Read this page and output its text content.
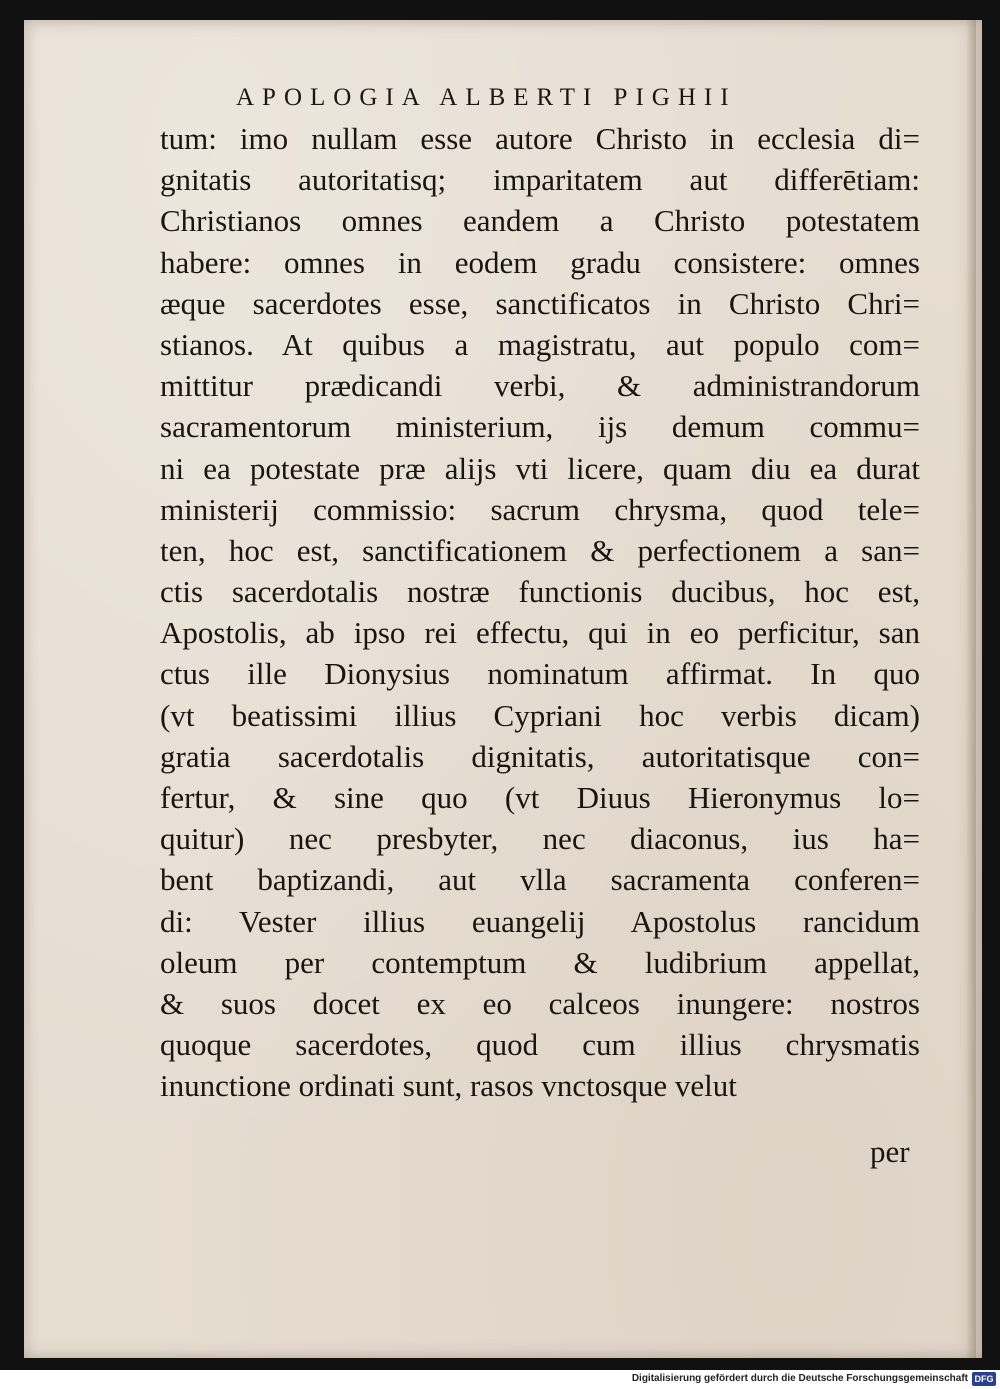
APOLOGIA ALBERTI PIGHII
tum: imo nullam esse autore Christo in ecclesia di=
gnitatis autoritatisq; imparitatem aut differētiam:
Christianos omnes eandem a Christo potestatem
habere: omnes in eodem gradu consistere: omnes
æque sacerdotes esse, sanctificatos in Christo Chri=
stianos. At quibus a magistratu, aut populo com=
mittitur prædicandi verbi, & administrandorum
sacramentorum ministerium, ijs demum commu=
ni ea potestate præ alijs vti licere, quam diu ea durat
ministerij commissio: sacrum chrysma, quod tele=
ten, hoc est, sanctificationem & perfectionem a san=
ctis sacerdotalis nostræ functionis ducibus, hoc est,
Apostolis, ab ipso rei effectu, qui in eo perficitur, san
ctus ille Dionysius nominatum affirmat. In quo
(vt beatissimi illius Cypriani hoc verbis dicam)
gratia sacerdotalis dignitatis, autoritatisque con=
fertur, & sine quo (vt Diuus Hieronymus lo=
quitur) nec presbyter, nec diaconus, ius ha=
bent baptizandi, aut vlla sacramenta conferen=
di: Vester illius euangelij Apostolus rancidum
oleum per contemptum & ludibrium appellat,
& suos docet ex eo calceos inungere: nostros
quoque sacerdotes, quod cum illius chrysmatis
inunctione ordinati sunt, rasos vnctosque velut
per
Digitalisierung gefördert durch die Deutsche Forschungsgemeinschaft DFG
